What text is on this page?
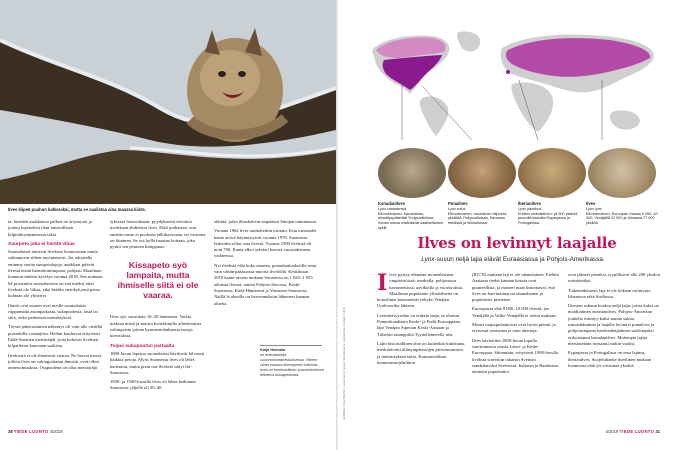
Ilves kiipeä puuhun katkeraksi, mutta se saalistaa aina maassa kiiste.

ta, herättää asukkaissa pelkoa tai ärtymystä ja joutuu lopettekisi ilian tuttavallisen kilpitärkyräpmisessä takia.

Suurpeto joka ei herätä vihaa

Suomalaiset tuntevat ilveksen luonnostaan mutta suhtautuvat siihen myönteisesti. Jos aikaisella enimmy useita suurpetolajeja, anakkaat pitävät ilvestä niistä harmittomimpana, palijasit Maailman luonnon säätiön kyselyn vuonna 2018. Sen mukaan 64 prosenttia suomalaisista on sitä mieltä, ettei ilveksiä ole liikaa, eikä heidän sietokykynsä petoa kohtaan ole ylittynyt.

Ilmiöt ovat suuren ovat meille suomalaisia riippumatta asuinpaikasta, sukupuolesta, iästä tai siitä, onko perheessä metsästyksiä.

Täysin päinvastainen näkemys oli vain alle viidellä prosentilla vastaajista. Heihin kuuluivat erityisesti Etelä-Suomen metsästäjät, joita kokevat ilveksen kilpailevan kanssaan saaliista.

Ilveksistä ei ole ilmeisesti vaaraa. Ne harvat kerrat, jolloin ilves on vahingoittanut ihmistä, ovat olleet onnettomuuksia. Osapuolena on ollut metsästäjä

tyksessä haavoittunut, pyydykseesä eleväinä merkkaan ahdistettu ilves. Eikö poikastasi ovat ennettu ensin ei puolusta jälkikasvuaan, tai vaistona on ihminen. Se voi kyllä haastua kotiaan, joka pyrkii sen pentuen kimppuun.

Kissapeto syö lampaita, mutta ihmiselle siitä ei ole vaaraa.

Ilves syö vuosittain 10–50 lammasta. Vaikio maksaa niistä ja muista kotieläimille aiheutetuista vahingoista joitain kymmeniätuhansia euroja korvauksia.

Toipui sukupuuton partaalta

1800-luvun lopussa suomalaiset hävittivät kilvaasti kaikkia petoja. Myös Suomessa ilves oli lähes kadonnut, mutta pieni osa ilveksiä säilyi Itä-Suomessa.

1930- ja 1940-luvuilla ilves oli lähes kadonnut Suomesta: jäljellä oli 30–40

eläintä, jotka ilkuskelivat etupäässä Itärajan tuntumassa.

Vuonna 1962 ilves rauhoitettiin osittain. Kun vanstaalet kanta arviot käynnistyivät vuonna 1978, Suomessa laskettiin reilut sata ilvestä. Vuonna 1990 ilveksiä oli noin 700. Kanta alkoi selvästi kasvaa vuosituhannen vaihteessa.

Nyt ilveksiä elää koko maassa, pononhoitoalueilla tosin vain vähän pääasiassa muorta ilvelöillä. Keskikuun 2019 kanta-arvion mukaan Suomessa on 1 845–1 955 aikuista ilvestä, eniten Pohjois-Savossa, Keski-Suomessa, Etelä-Hämeessä ja Varsinais-Suomessa. Näillä lä alueilla on harvennuksiin lähteneet kannan aluetta.

Katja Holmala
on erikoistutkija Luonnonvarakeskuksessa. Hänen viime vuonna ilmestyneet tutkimus ilves on ensimmäinen suomenkielinen tietoteos kissapedoista.
38 TIEDE LUONTO 4/2019
Kanadanilves
Lynx canadensis
Elinvoimainen: Kanadassa, alimällyspäiteitää Yhdysvalloissa. Kanan kokoa määräävät saaliseläimen syklit.
Punailves
Lynx rufus
Elinvoimainen: muutamia miljoonia yksilöitä Yhdysvalloissa, Kanadan etelässä ja Meksikossa.
Iberianilves
Lynx pardinus
Erittäin uhanalainen: yli 500 yksilöä pesivillä lakealla Espanjassa ja Portugalissa.
Ilves
Lynx lynx
Elinvoimainen: Euroopan masaa 9 000–10 000, Venäjällä 22 500 ja Kiinassa 27 000 yksilöä.
Ilves on levinnyt laajalle
Lynx-suvun neljä lajia elävät Euraasiassa ja Pohjois-Amerikassa.
Grafiikka: Peter Bednin, Lucas Sans / kuvat: Shutterstock, istockphoto / Lähde: IUCN

Ilves pystyy elämään monenlaisissa ympäristöissä: tundralla, pohjoisissa havumetsissä, aavikoilla ja vuoristoissa. Maailman populaatio ylimäaluetta on borealinen havumetsävyöhyke Venäjän Uralvuorilta lähteen.

Levinneisyysalue on erittäin laaja, se ulottuu Fennoskandiasta Keski- ja Etelä-Eurooppaan, läpi Venäjän Siperian Keski-Aasiaan ja Tiibetiin tasangoilta Tyynellemerelle asti.

Lajin historiallinen alue on kuitenkin kutistunut merkittävästi ällinympäristöjen pirstoutumisen ja metsästyksen takia. Kansainvälisen luonnonsuojeluliiton

(IUCN) mukaan laji ei ole uhanalainen. Eteläin Aasiassa tiedot kannan koosta ovat puutteellisia, ja moneet maat ilmoittavat, että ilves on harvinainen tai uhanalainen ja populaatiot pienenee.

Euroopassa elää 9 000–10 000 ilvestä, joe Venäjällä ja Valko-Venäjällä ei otettu mukaan.

Monet osapopulaatioista ovat hyvin pieniä, ja etyisessä toisistaan ja oton uhattuja.

Ilves hävitettiin 1800-luvun lopulla suurimmassa osasta Länsi- ja Keski-Eurooppaa. Sittemmin, erityisesti 1990-luvulla ilveksiä siirrettiin takaisin Sveitsin ranskalaisiksi Sveitsissä, Italiassa ja Ranskassa. tatutetut populaatiot

ovat jääneet pieniksi, tyypillisesti alle 200 yksilön esiintymiksi.

Todennäköisesti laja ei ole kokaan esiintynyt Irlannissa eikä Sisiliassa.

Ilvesten sukuun kuuluu neljä lajia, joista kaksi on maiditalmen eurasianilves. Pohjois-Amerikan joukella esiintyy kaksi muuta sukua, runsaslukuinen ja laajalle levinnyt punailves ja pohjoisempana lumikenkäjänksen saalistajaksi erikoistunut kanadanilves. Molempia lajeja metsästetään runsaasti turkin vuoksi.

Espanjassa ja Portugalissa on oma lajinsa, iberianilves. Suojeluhanke iberilinen mukaan luonnossa elää yli viisisataa yksilöä.

4/2019 TIEDE LUONTO 31
